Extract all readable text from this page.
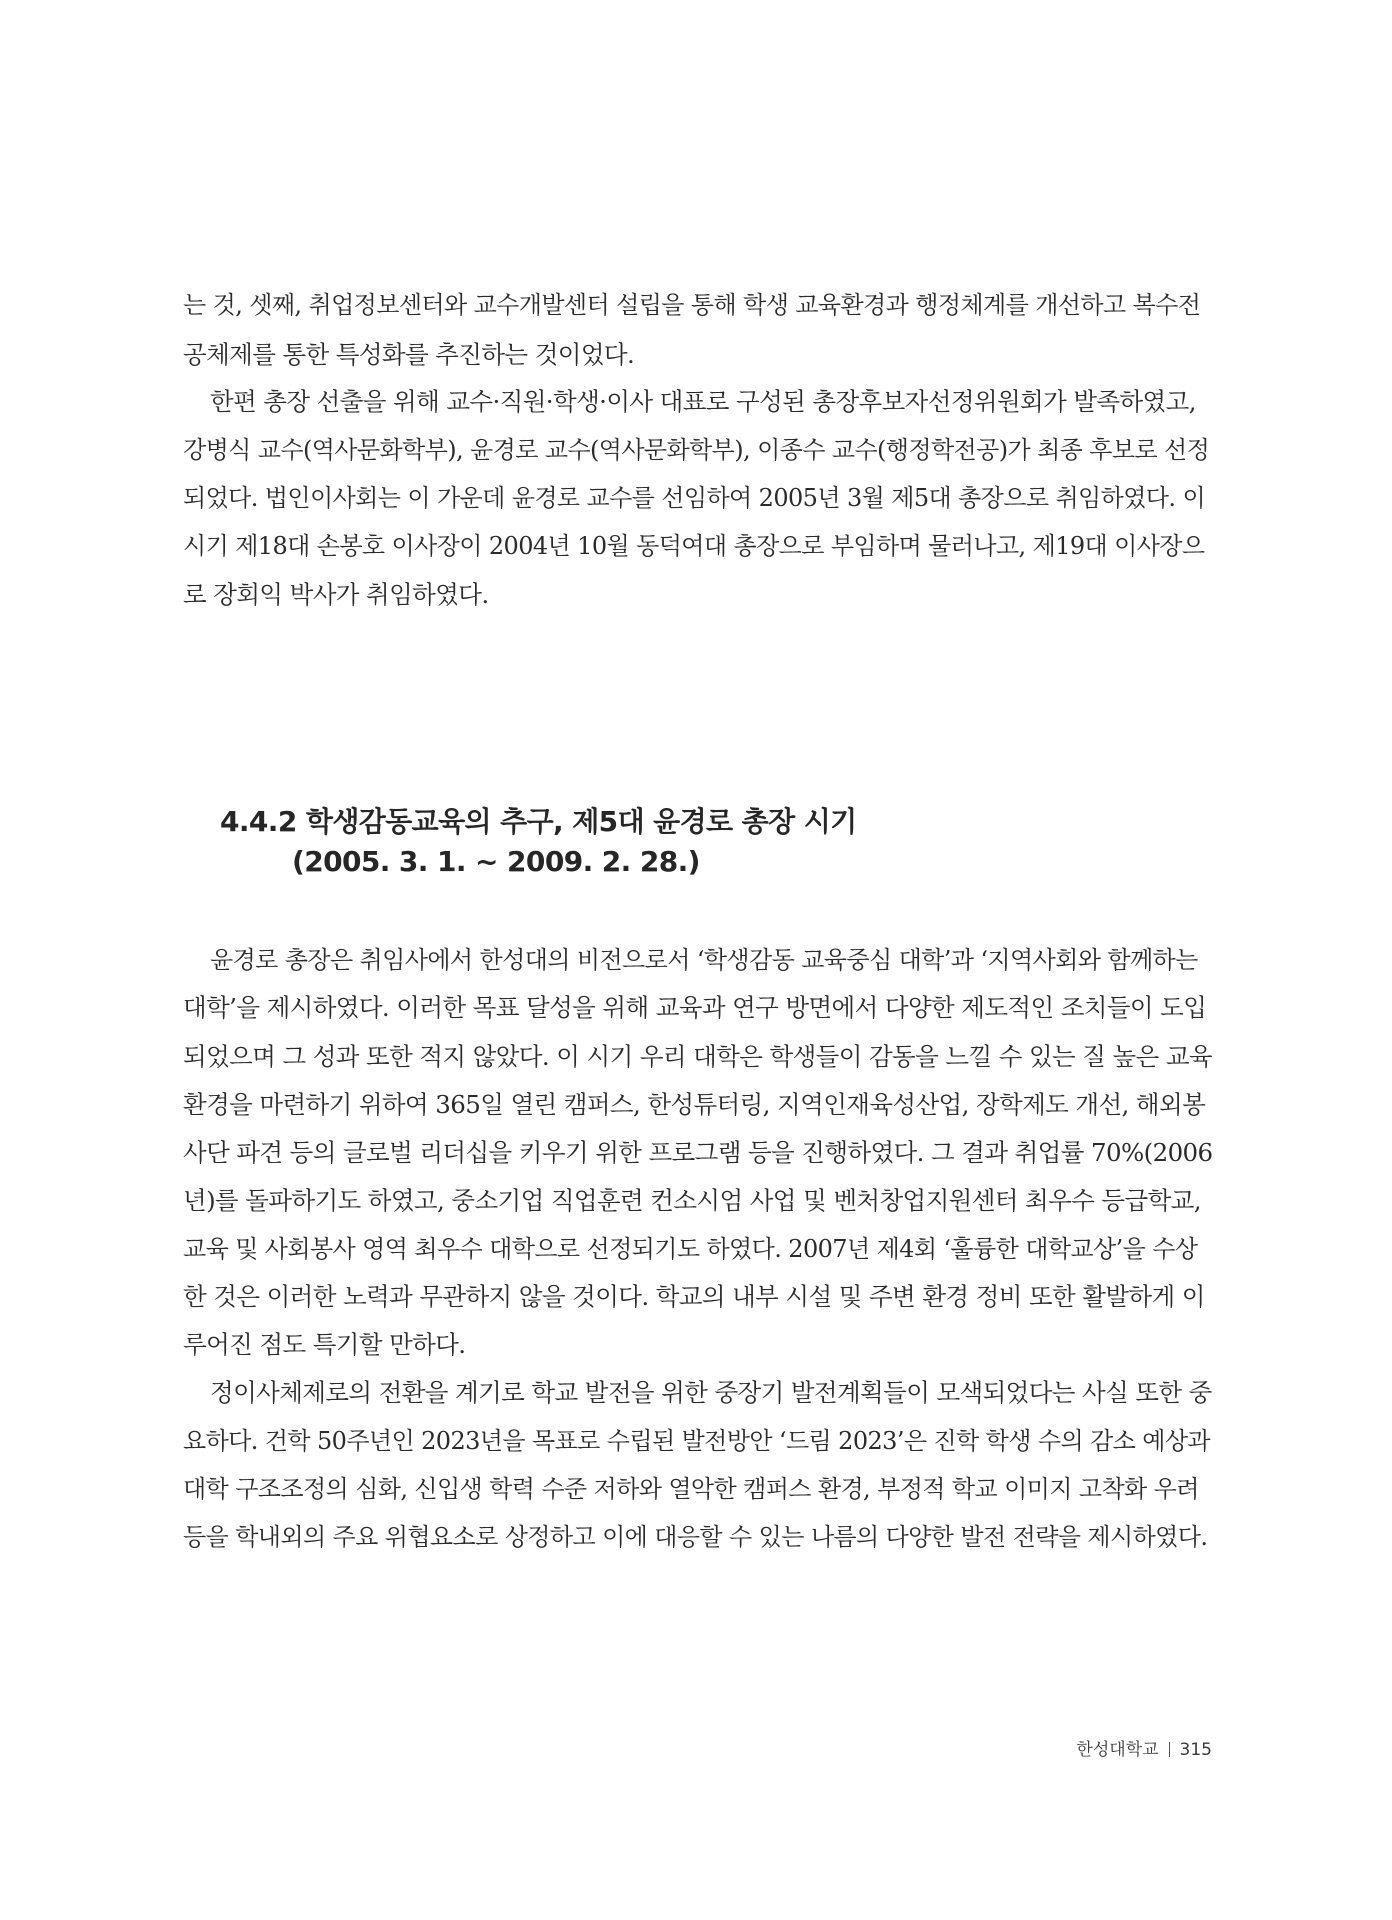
는 것, 셋째, 취업정보센터와 교수개발센터 설립을 통해 학생 교육환경과 행정체계를 개선하고 복수전
공체제를 통한 특성화를 추진하는 것이었다.
한편 총장 선출을 위해 교수·직원·학생·이사 대표로 구성된 총장후보자선정위원회가 발족하였고,
강병식 교수(역사문화학부), 윤경로 교수(역사문화학부), 이종수 교수(행정학전공)가 최종 후보로 선정
되었다. 법인이사회는 이 가운데 윤경로 교수를 선임하여 2005년 3월 제5대 총장으로 취임하였다. 이
시기 제18대 손봉호 이사장이 2004년 10월 동덕여대 총장으로 부임하며 물러나고, 제19대 이사장으
로 장회익 박사가 취임하였다.
4.4.2 학생감동교육의 추구, 제5대 윤경로 총장 시기
(2005. 3. 1. ~ 2009. 2. 28.)
윤경로 총장은 취임사에서 한성대의 비전으로서 ‘학생감동 교육중심 대학’과 ‘지역사회와 함께하는
대학’을 제시하였다. 이러한 목표 달성을 위해 교육과 연구 방면에서 다양한 제도적인 조치들이 도입
되었으며 그 성과 또한 적지 않았다. 이 시기 우리 대학은 학생들이 감동을 느낄 수 있는 질 높은 교육
환경을 마련하기 위하여 365일 열린 캠퍼스, 한성튜터링, 지역인재육성산업, 장학제도 개선, 해외봉
사단 파견 등의 글로벌 리더십을 키우기 위한 프로그램 등을 진행하였다. 그 결과 취업률 70%(2006
년)를 돌파하기도 하였고, 중소기업 직업훈련 컨소시엄 사업 및 벤처창업지원센터 최우수 등급학교,
교육 및 사회봉사 영역 최우수 대학으로 선정되기도 하였다. 2007년 제4회 ‘훌륭한 대학교상’을 수상
한 것은 이러한 노력과 무관하지 않을 것이다. 학교의 내부 시설 및 주변 환경 정비 또한 활발하게 이
루어진 점도 특기할 만하다.
정이사체제로의 전환을 계기로 학교 발전을 위한 중장기 발전계획들이 모색되었다는 사실 또한 중
요하다. 건학 50주년인 2023년을 목표로 수립된 발전방안 ‘드림 2023’은 진학 학생 수의 감소 예상과
대학 구조조정의 심화, 신입생 학력 수준 저하와 열악한 캠퍼스 환경, 부정적 학교 이미지 고착화 우려
등을 학내외의 주요 위협요소로 상정하고 이에 대응할 수 있는 나름의 다양한 발전 전략을 제시하였다.
한성대학교 315
